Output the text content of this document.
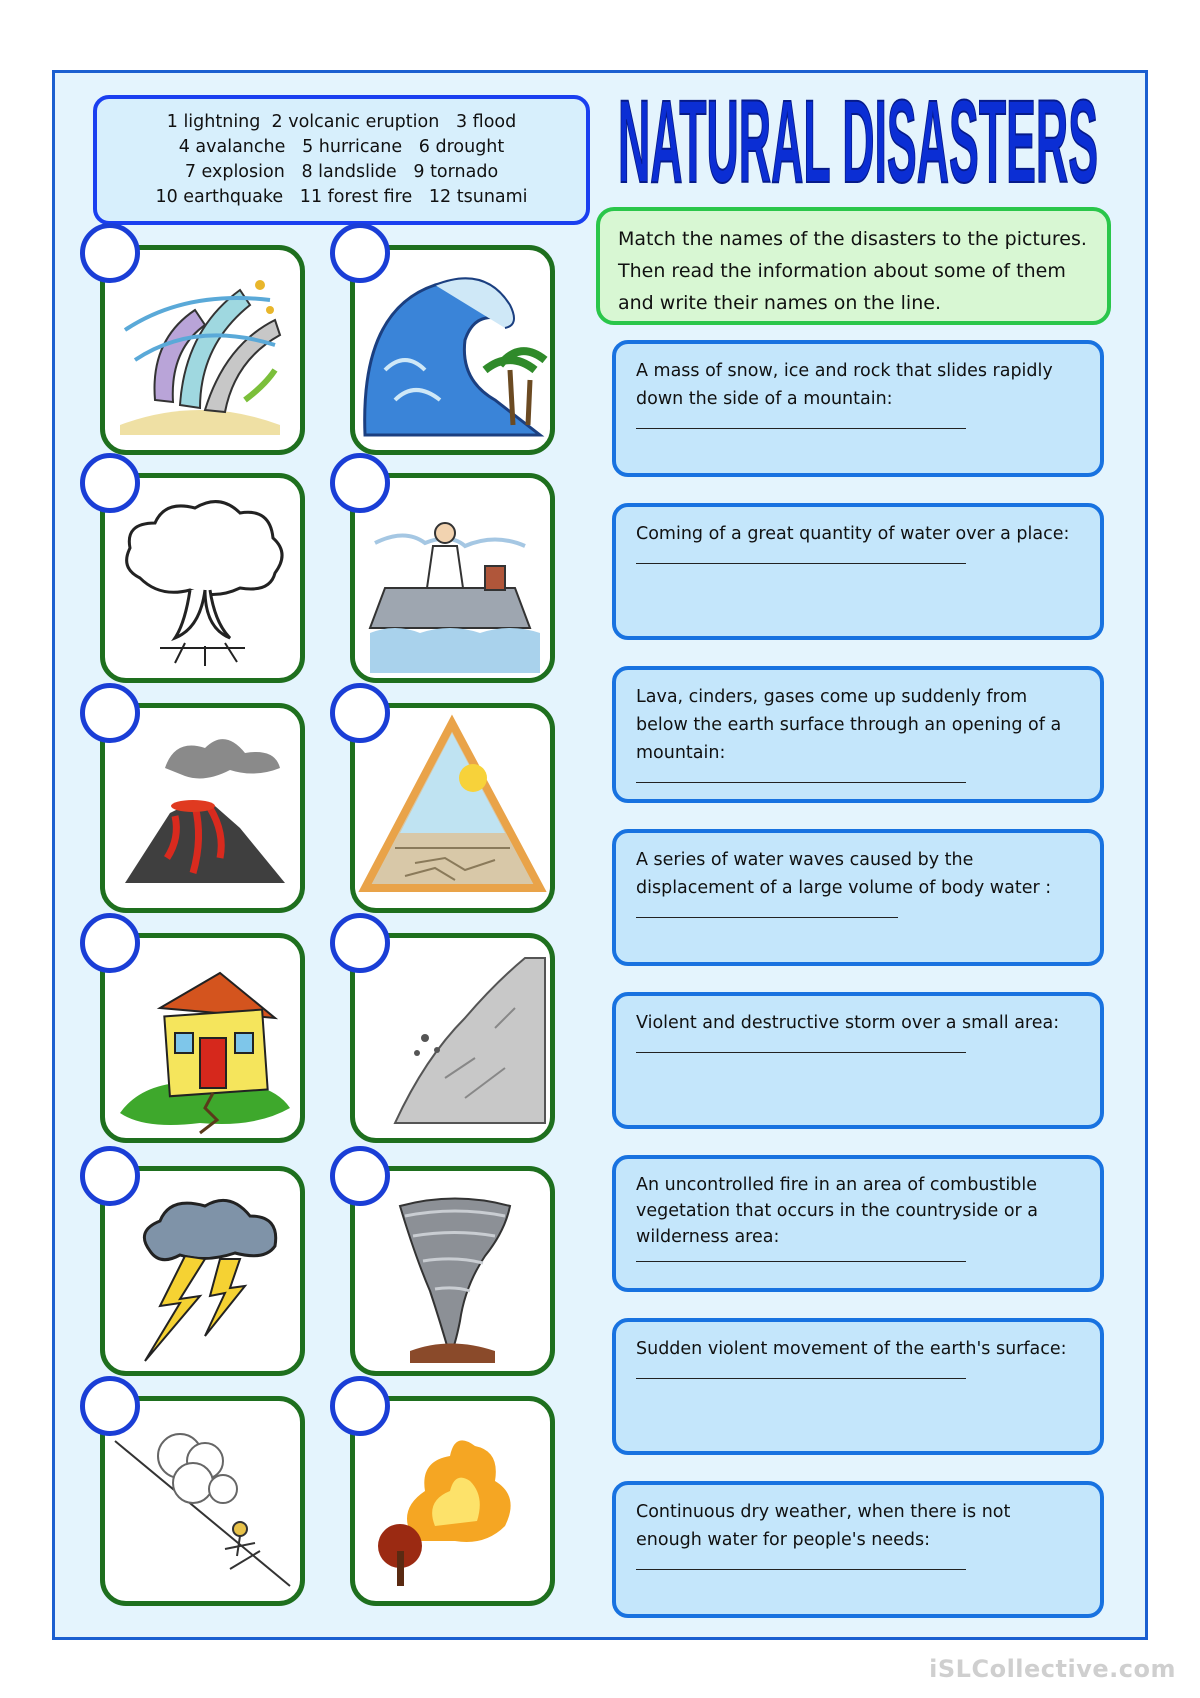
1 lightning  2 volcanic eruption   3 flood
4 avalanche   5 hurricane   6 drought
7 explosion   8 landslide   9 tornado
10 earthquake   11 forest fire   12 tsunami NATURAL DISASTERS
Match the names of the disasters to the pictures. Then read the information about some of them and write their names on the line.
A mass of snow, ice and rock that slides rapidly down the side of a mountain:
Coming of a great quantity of water over a place:
Lava, cinders, gases come up suddenly from below the earth surface through an opening of a mountain:
A series of water waves caused by the displacement of a large volume of body water :
Violent and destructive storm over a small area:
An uncontrolled fire in an area of combustible vegetation that occurs in the countryside or a wilderness area:
Sudden violent movement of the earth's surface:
Continuous dry weather, when there is not enough water for people's needs:
iSLCollective.com
